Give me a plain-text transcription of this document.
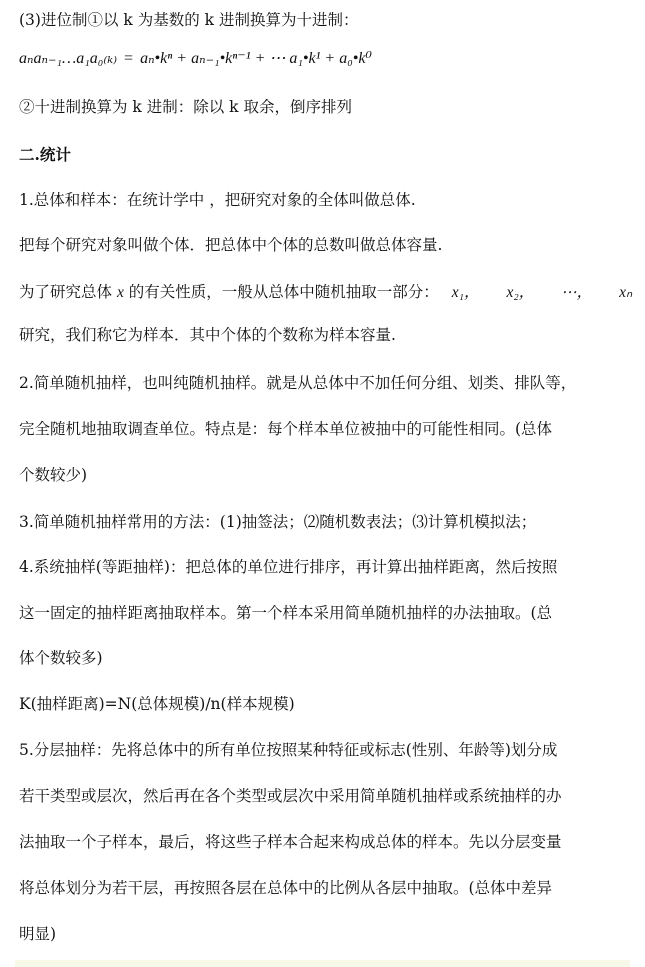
(3)进位制①以 k 为基数的 k 进制换算为十进制：
aₙaₙ₋₁…a₁a₀₍ₖ₎ = aₙ•kⁿ + aₙ₋₁•kⁿ⁻¹ + ⋯ a₁•k¹ + a₀•k⁰
②十进制换算为 k 进制：除以 k 取余，倒序排列
二.统计
1.总体和样本：在统计学中 ，把研究对象的全体叫做总体.
把每个研究对象叫做个体．把总体中个体的总数叫做总体容量.
为了研究总体 x 的有关性质，一般从总体中随机抽取一部分： x₁， x₂， ⋯， xₙ
研究，我们称它为样本．其中个体的个数称为样本容量.
2.简单随机抽样，也叫纯随机抽样。就是从总体中不加任何分组、划类、排队等，
完全随机地抽取调查单位。特点是：每个样本单位被抽中的可能性相同。(总体
个数较少)
3.简单随机抽样常用的方法：(1)抽签法；⑵随机数表法；⑶计算机模拟法；
4.系统抽样(等距抽样)：把总体的单位进行排序，再计算出抽样距离，然后按照
这一固定的抽样距离抽取样本。第一个样本采用简单随机抽样的办法抽取。(总
体个数较多)
K(抽样距离)=N(总体规模)/n(样本规模)
5.分层抽样：先将总体中的所有单位按照某种特征或标志(性别、年龄等)划分成
若干类型或层次，然后再在各个类型或层次中采用简单随机抽样或系统抽样的办
法抽取一个子样本，最后，将这些子样本合起来构成总体的样本。先以分层变量
将总体划分为若干层，再按照各层在总体中的比例从各层中抽取。(总体中差异
明显)
